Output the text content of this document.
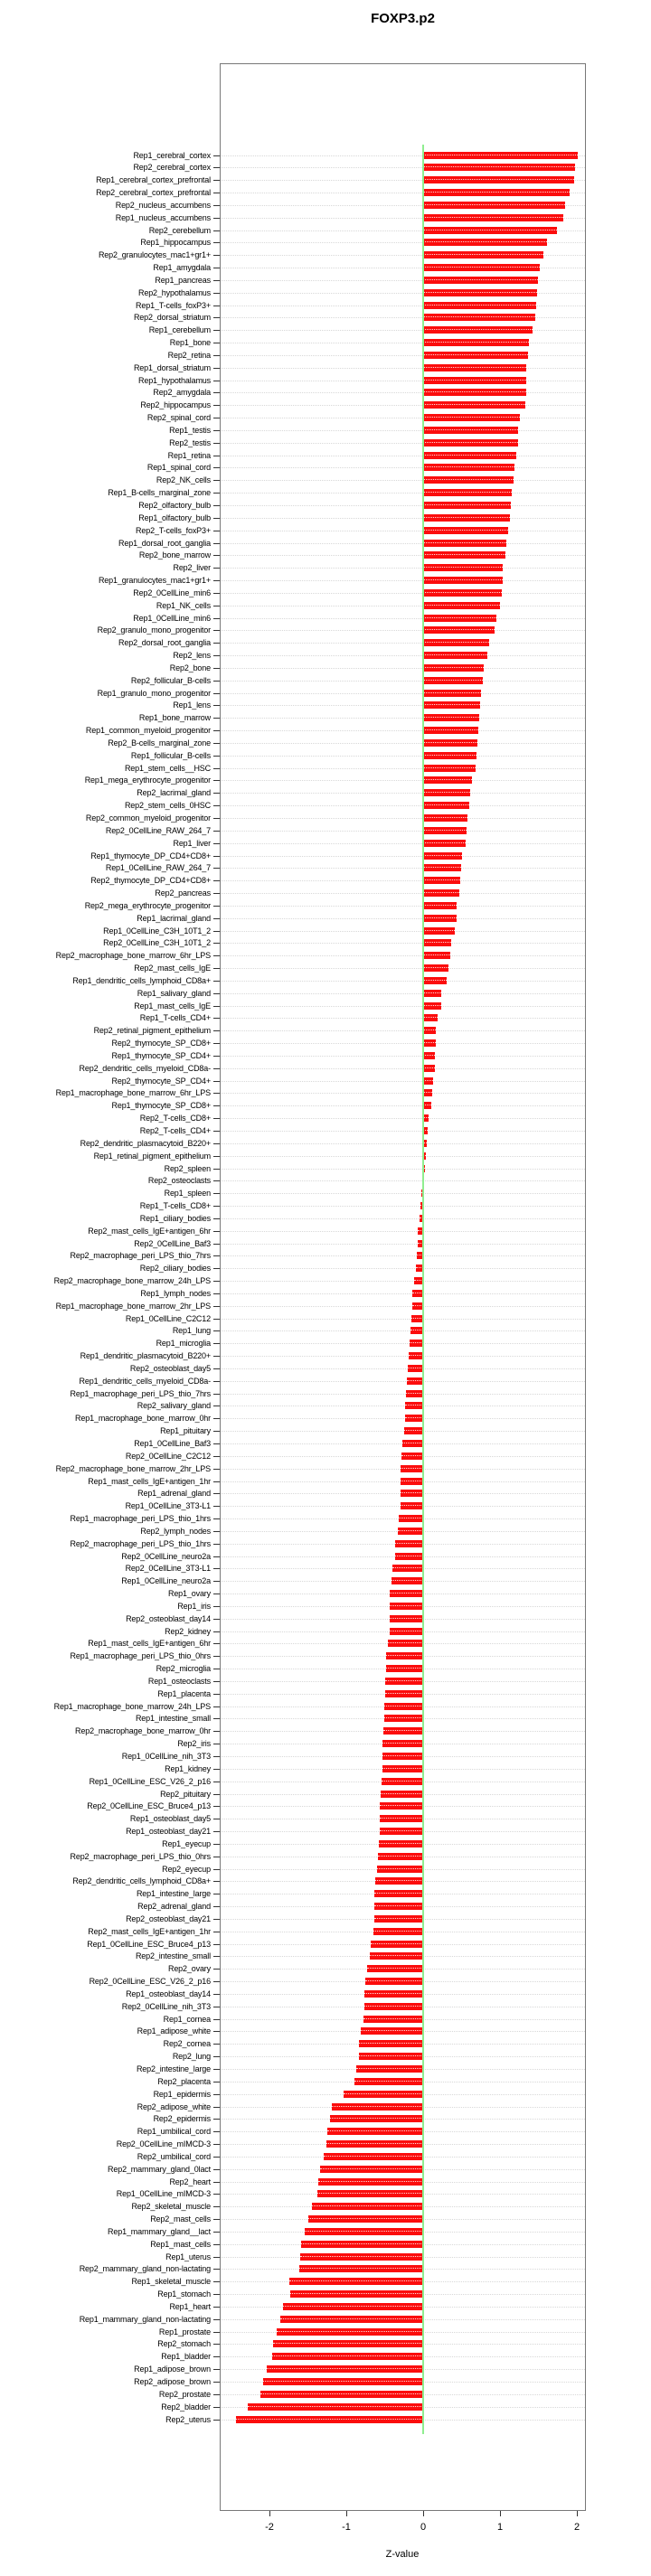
FOXP3.p2
Rep1_cerebral_cortex
Rep2_cerebral_cortex
Rep1_cerebral_cortex_prefrontal
Rep2_cerebral_cortex_prefrontal
Rep2_nucleus_accumbens
Rep1_nucleus_accumbens
Rep2_cerebellum
Rep1_hippocampus
Rep2_granulocytes_mac1+gr1+
Rep1_amygdala
Rep1_pancreas
Rep2_hypothalamus
Rep1_T-cells_foxP3+
Rep2_dorsal_striatum
Rep1_cerebellum
Rep1_bone
Rep2_retina
Rep1_dorsal_striatum
Rep1_hypothalamus
Rep2_amygdala
Rep2_hippocampus
Rep2_spinal_cord
Rep1_testis
Rep2_testis
Rep1_retina
Rep1_spinal_cord
Rep2_NK_cells
Rep1_B-cells_marginal_zone
Rep2_olfactory_bulb
Rep1_olfactory_bulb
Rep2_T-cells_foxP3+
Rep1_dorsal_root_ganglia
Rep2_bone_marrow
Rep2_liver
Rep1_granulocytes_mac1+gr1+
Rep2_0CellLine_min6
Rep1_NK_cells
Rep1_0CellLine_min6
Rep2_granulo_mono_progenitor
Rep2_dorsal_root_ganglia
Rep2_lens
Rep2_bone
Rep2_follicular_B-cells
Rep1_granulo_mono_progenitor
Rep1_lens
Rep1_bone_marrow
Rep1_common_myeloid_progenitor
Rep2_B-cells_marginal_zone
Rep1_follicular_B-cells
Rep1_stem_cells__HSC
Rep1_mega_erythrocyte_progenitor
Rep2_lacrimal_gland
Rep2_stem_cells_0HSC
Rep2_common_myeloid_progenitor
Rep2_0CellLine_RAW_264_7
Rep1_liver
Rep1_thymocyte_DP_CD4+CD8+
Rep1_0CellLine_RAW_264_7
Rep2_thymocyte_DP_CD4+CD8+
Rep2_pancreas
Rep2_mega_erythrocyte_progenitor
Rep1_lacrimal_gland
Rep1_0CellLine_C3H_10T1_2
Rep2_0CellLine_C3H_10T1_2
Rep2_macrophage_bone_marrow_6hr_LPS
Rep2_mast_cells_IgE
Rep1_dendritic_cells_lymphoid_CD8a+
Rep1_salivary_gland
Rep1_mast_cells_IgE
Rep1_T-cells_CD4+
Rep2_retinal_pigment_epithelium
Rep2_thymocyte_SP_CD8+
Rep1_thymocyte_SP_CD4+
Rep2_dendritic_cells_myeloid_CD8a-
Rep2_thymocyte_SP_CD4+
Rep1_macrophage_bone_marrow_6hr_LPS
Rep1_thymocyte_SP_CD8+
Rep2_T-cells_CD8+
Rep2_T-cells_CD4+
Rep2_dendritic_plasmacytoid_B220+
Rep1_retinal_pigment_epithelium
Rep2_spleen
Rep2_osteoclasts
Rep1_spleen
Rep1_T-cells_CD8+
Rep1_ciliary_bodies
Rep2_mast_cells_IgE+antigen_6hr
Rep2_0CellLine_Baf3
Rep2_macrophage_peri_LPS_thio_7hrs
Rep2_ciliary_bodies
Rep2_macrophage_bone_marrow_24h_LPS
Rep1_lymph_nodes
Rep1_macrophage_bone_marrow_2hr_LPS
Rep1_0CellLine_C2C12
Rep1_lung
Rep1_microglia
Rep1_dendritic_plasmacytoid_B220+
Rep2_osteoblast_day5
Rep1_dendritic_cells_myeloid_CD8a-
Rep1_macrophage_peri_LPS_thio_7hrs
Rep2_salivary_gland
Rep1_macrophage_bone_marrow_0hr
Rep1_pituitary
Rep1_0CellLine_Baf3
Rep2_0CellLine_C2C12
Rep2_macrophage_bone_marrow_2hr_LPS
Rep1_mast_cells_IgE+antigen_1hr
Rep1_adrenal_gland
Rep1_0CellLine_3T3-L1
Rep1_macrophage_peri_LPS_thio_1hrs
Rep2_lymph_nodes
Rep2_macrophage_peri_LPS_thio_1hrs
Rep2_0CellLine_neuro2a
Rep2_0CellLine_3T3-L1
Rep1_0CellLine_neuro2a
Rep1_ovary
Rep1_iris
Rep2_osteoblast_day14
Rep2_kidney
Rep1_mast_cells_IgE+antigen_6hr
Rep1_macrophage_peri_LPS_thio_0hrs
Rep2_microglia
Rep1_osteoclasts
Rep1_placenta
Rep1_macrophage_bone_marrow_24h_LPS
Rep1_intestine_small
Rep2_macrophage_bone_marrow_0hr
Rep2_iris
Rep1_0CellLine_nih_3T3
Rep1_kidney
Rep1_0CellLine_ESC_V26_2_p16
Rep2_pituitary
Rep2_0CellLine_ESC_Bruce4_p13
Rep1_osteoblast_day5
Rep1_osteoblast_day21
Rep1_eyecup
Rep2_macrophage_peri_LPS_thio_0hrs
Rep2_eyecup
Rep2_dendritic_cells_lymphoid_CD8a+
Rep1_intestine_large
Rep2_adrenal_gland
Rep2_osteoblast_day21
Rep2_mast_cells_IgE+antigen_1hr
Rep1_0CellLine_ESC_Bruce4_p13
Rep2_intestine_small
Rep2_ovary
Rep2_0CellLine_ESC_V26_2_p16
Rep1_osteoblast_day14
Rep2_0CellLine_nih_3T3
Rep1_cornea
Rep1_adipose_white
Rep2_cornea
Rep2_lung
Rep2_intestine_large
Rep2_placenta
Rep1_epidermis
Rep2_adipose_white
Rep2_epidermis
Rep1_umbilical_cord
Rep2_0CellLine_mIMCD-3
Rep2_umbilical_cord
Rep2_mammary_gland_0lact
Rep2_heart
Rep1_0CellLine_mIMCD-3
Rep2_skeletal_muscle
Rep2_mast_cells
Rep1_mammary_gland__lact
Rep1_mast_cells
Rep1_uterus
Rep2_mammary_gland_non-lactating
Rep1_skeletal_muscle
Rep1_stomach
Rep1_heart
Rep1_mammary_gland_non-lactating
Rep1_prostate
Rep2_stomach
Rep1_bladder
Rep1_adipose_brown
Rep2_adipose_brown
Rep2_prostate
Rep2_bladder
Rep2_uterus
-2	-1	0	1	2
Z-value
